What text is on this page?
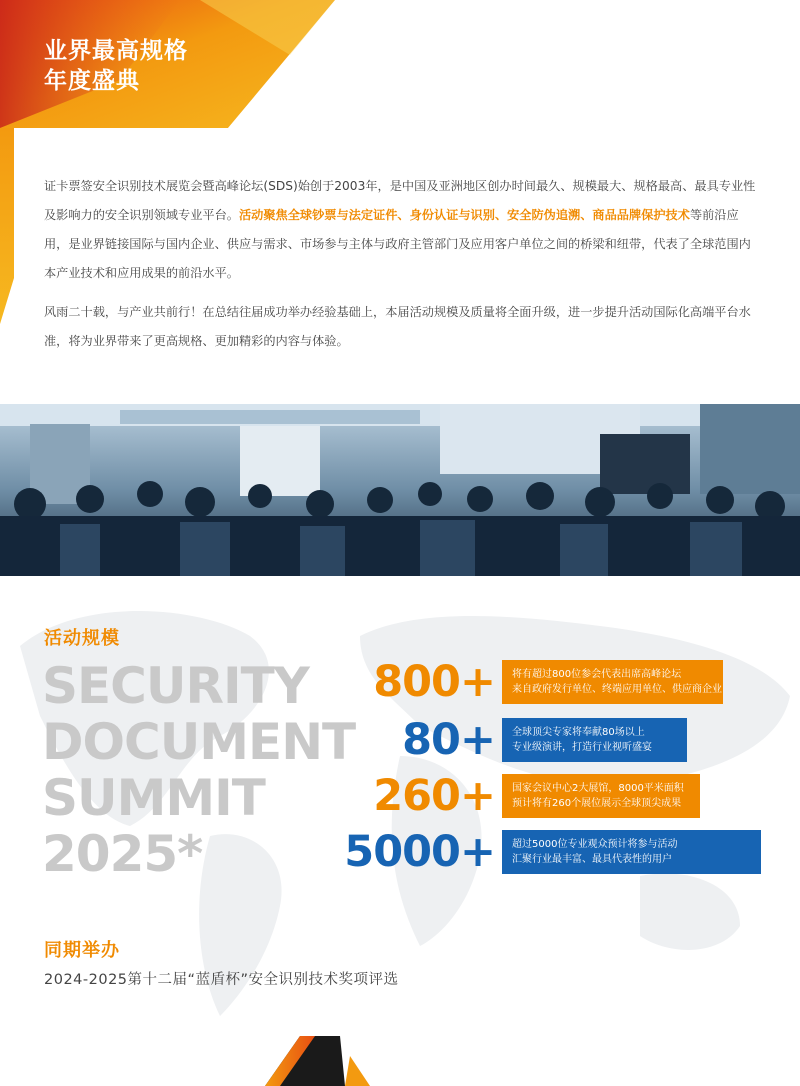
业界最高规格
年度盛典

证卡票签安全识别技术展览会暨高峰论坛(SDS)始创于2003年，是中国及亚洲地区创办时间最久、规模最大、规格最高、最具专业性及影响力的安全识别领域专业平台。活动聚焦全球钞票与法定证件、身份认证与识别、安全防伪追溯、商品品牌保护技术等前沿应用，是业界链接国际与国内企业、供应与需求、市场参与主体与政府主管部门及应用客户单位之间的桥梁和纽带，代表了全球范围内本产业技术和应用成果的前沿水平。

风雨二十载，与产业共前行！在总结往届成功举办经验基础上，本届活动规模及质量将全面升级，进一步提升活动国际化高端平台水准，将为业界带来了更高规格、更加精彩的内容与体验。

活动规模
SECURITY
DOCUMENT
SUMMIT
2025*
800+ 将有超过800位参会代表出席高峰论坛
来自政府发行单位、终端应用单位、供应商企业
80+ 全球顶尖专家将奉献80场以上
专业级演讲，打造行业视听盛宴
260+ 国家会议中心2大展馆，8000平米面积
预计将有260个展位展示全球顶尖成果
5000+ 超过5000位专业观众预计将参与活动
汇聚行业最丰富、最具代表性的用户
同期举办
2024-2025第十二届“蓝盾杯”安全识别技术奖项评选
